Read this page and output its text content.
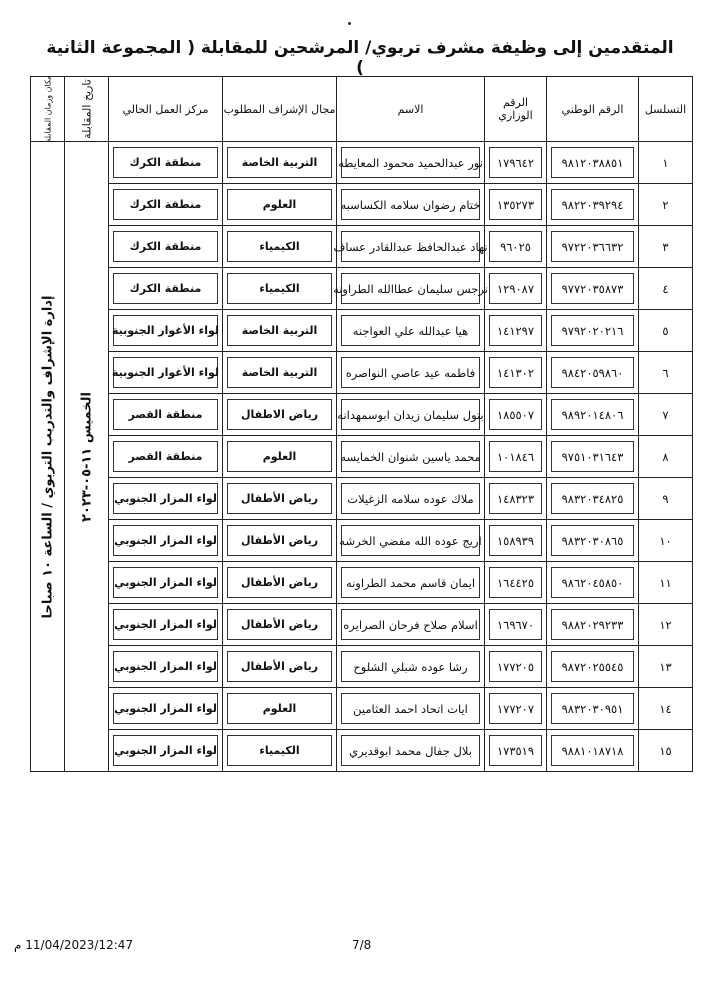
المتقدمين إلى وظيفة مشرف تربوي/ المرشحين للمقابلة ( المجموعة الثانية )
التسلسل	الرقم الوطني	الرقم الوزاري	الاسم	مجال الإشراف المطلوب	مركز العمل الحالي	تاريخ المقابلة	مكان وزمان المقابلة

١	٩٨١٢٠٣٨٨٥١	١٧٩٦٤٢	نور عبدالحميد محمود المعايطه	التربية الخاصة	منطقة الكرك	الخميس ١١-٠٥-٢٠٢٣	إدارة الإشراف والتدريب التربوي / الساعة ١٠ صباحا

٢	٩٨٢٢٠٣٩٢٩٤	١٣٥٢٧٣	ختام رضوان سلامه الكساسبه	العلوم	منطقة الكرك		

٣	٩٧٢٢٠٣٦٦٣٢	٩٦٠٢٥	نهاد عبدالحافظ عبدالقادر عساف	الكيمياء	منطقة الكرك		

٤	٩٧٧٢٠٣٥٨٧٣	١٢٩٠٨٧	نرجس سليمان عطاالله الطراونه	الكيمياء	منطقة الكرك		

٥	٩٧٩٢٠٢٠٢١٦	١٤١٢٩٧	هيا عبدالله علي العواجنه	التربية الخاصة	لواء الأغوار الجنوبية		

٦	٩٨٤٢٠٥٩٨٦٠	١٤١٣٠٢	فاطمه عيد عاصي النواصره	التربية الخاصة	لواء الأغوار الجنوبية		

٧	٩٨٩٢٠١٤٨٠٦	١٨٥٥٠٧	بتول سليمان زيدان ابوسمهدانه	رياض الاطفال	منطقة القصر		

٨	٩٧٥١٠٣١٦٤٣	١٠١٨٤٦	محمد ياسين شنوان الخمايسه	العلوم	منطقة القصر		

٩	٩٨٣٢٠٣٤٨٢٥	١٤٨٣٢٣	ملاك عوده سلامه الزغيلات	رياض الأطفال	لواء المزار الجنوبي		

١٠	٩٨٣٢٠٣٠٨٦٥	١٥٨٩٣٩	اريج عوده الله مفضي الخرشه	رياض الأطفال	لواء المزار الجنوبي		

١١	٩٨٦٢٠٤٥٨٥٠	١٦٤٤٢٥	ايمان قاسم محمد الطراونه	رياض الأطفال	لواء المزار الجنوبي		

١٢	٩٨٨٢٠٢٩٢٣٣	١٦٩٦٧٠	اسلام صلاح فرحان الصرايره	رياض الأطفال	لواء المزار الجنوبي		

١٣	٩٨٧٢٠٢٥٥٤٥	١٧٧٢٠٥	رشا عوده شبلي الشلوح	رياض الأطفال	لواء المزار الجنوبي		

١٤	٩٨٣٢٠٣٠٩٥١	١٧٧٢٠٧	ايات اتحاد احمد العثامين	العلوم	لواء المزار الجنوبي		

١٥	٩٨٨١٠١٨٧١٨	١٧٣٥١٩	بلال جفال محمد ابوقديري	الكيمياء	لواء المزار الجنوبي		
7/8
11/04/2023/12:47 م
